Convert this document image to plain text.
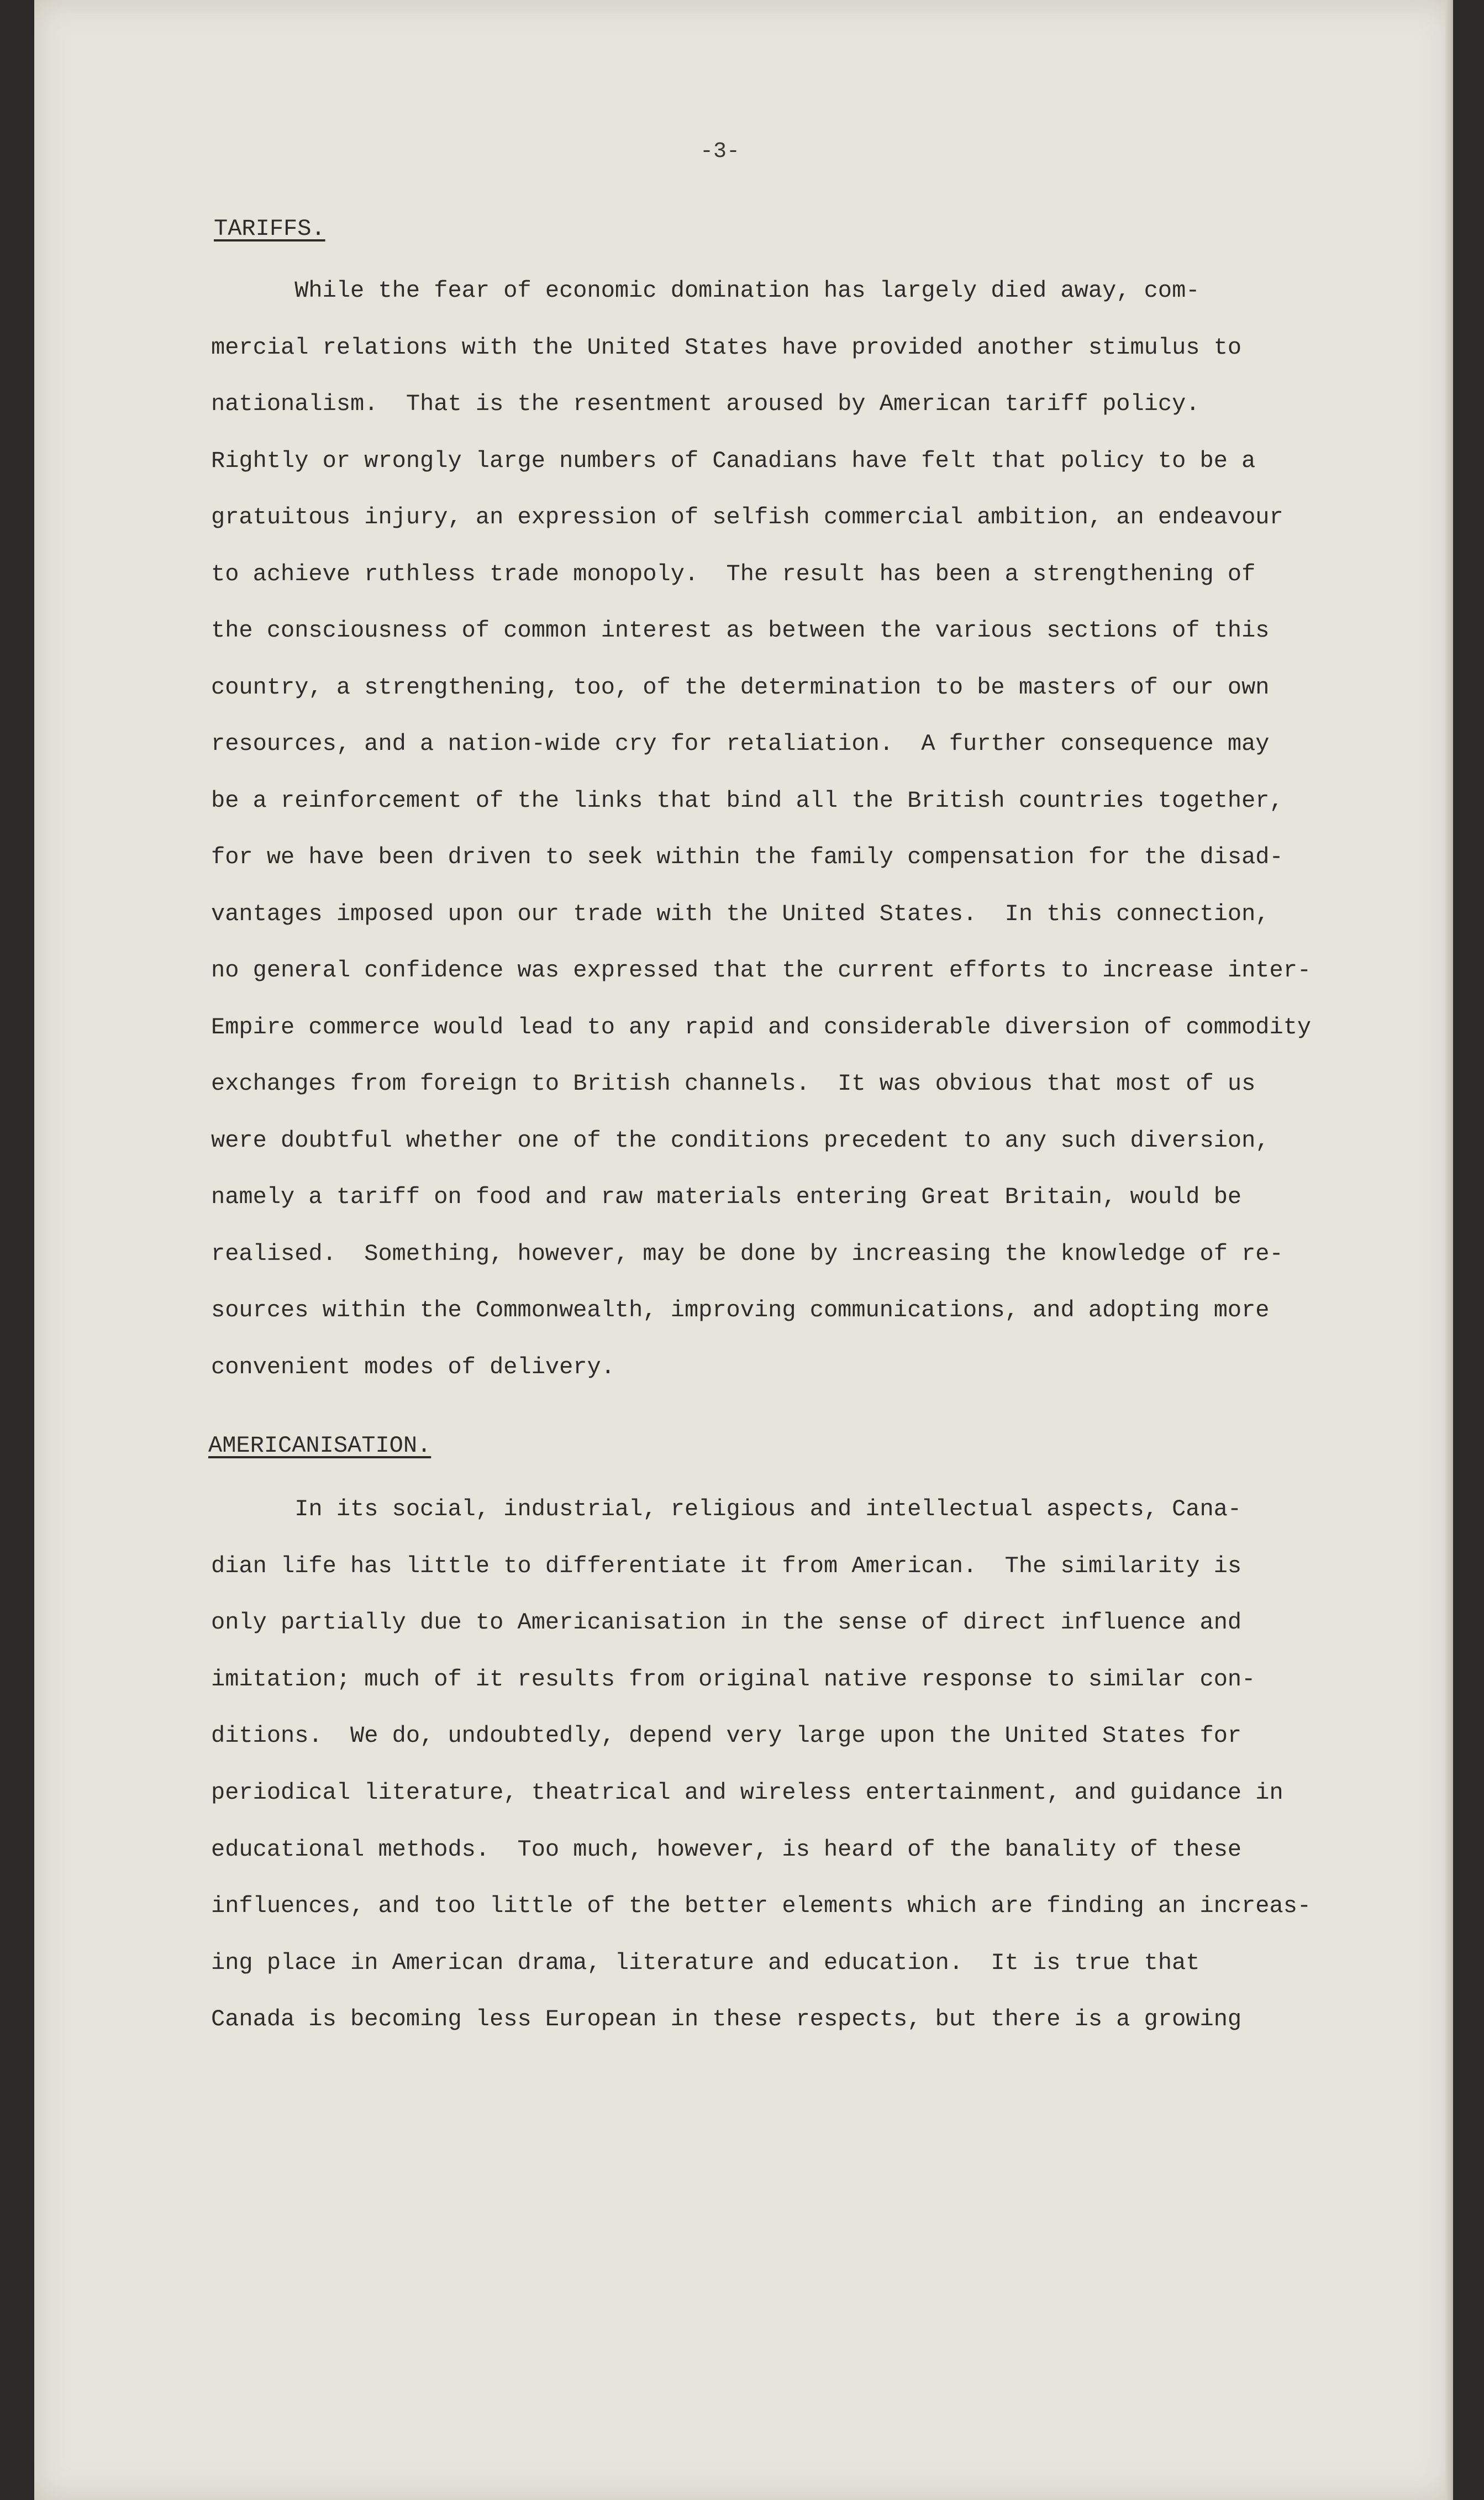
-3-

TARIFFS.
While the fear of economic domination has largely died away, com-
mercial relations with the United States have provided another stimulus to
nationalism.  That is the resentment aroused by American tariff policy.
Rightly or wrongly large numbers of Canadians have felt that policy to be a
gratuitous injury, an expression of selfish commercial ambition, an endeavour
to achieve ruthless trade monopoly.  The result has been a strengthening of
the consciousness of common interest as between the various sections of this
country, a strengthening, too, of the determination to be masters of our own
resources, and a nation-wide cry for retaliation.  A further consequence may
be a reinforcement of the links that bind all the British countries together,
for we have been driven to seek within the family compensation for the disad-
vantages imposed upon our trade with the United States.  In this connection,
no general confidence was expressed that the current efforts to increase inter-
Empire commerce would lead to any rapid and considerable diversion of commodity
exchanges from foreign to British channels.  It was obvious that most of us
were doubtful whether one of the conditions precedent to any such diversion,
namely a tariff on food and raw materials entering Great Britain, would be
realised.  Something, however, may be done by increasing the knowledge of re-
sources within the Commonwealth, improving communications, and adopting more
convenient modes of delivery.
AMERICANISATION.
In its social, industrial, religious and intellectual aspects, Cana-
dian life has little to differentiate it from American.  The similarity is
only partially due to Americanisation in the sense of direct influence and
imitation; much of it results from original native response to similar con-
ditions.  We do, undoubtedly, depend very large upon the United States for
periodical literature, theatrical and wireless entertainment, and guidance in
educational methods.  Too much, however, is heard of the banality of these
influences, and too little of the better elements which are finding an increas-
ing place in American drama, literature and education.  It is true that
Canada is becoming less European in these respects, but there is a growing
